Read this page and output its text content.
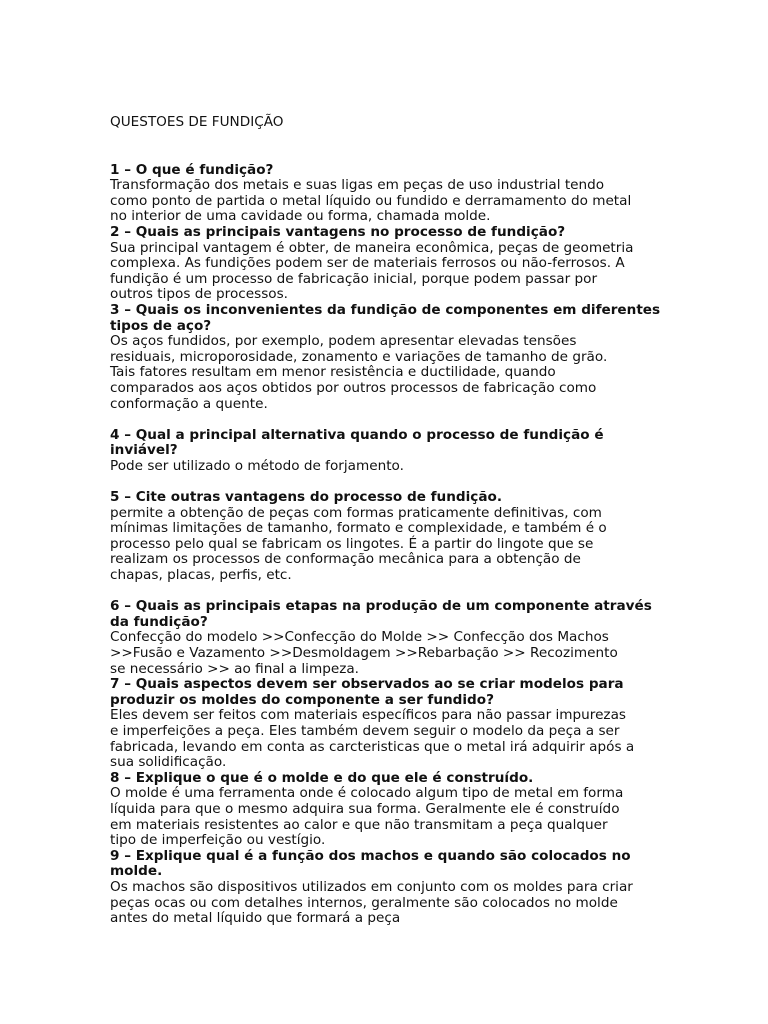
QUESTOES DE FUNDIÇÃO

1 – O que é fundição?

Transformação dos metais e suas ligas em peças de uso industrial tendo
como ponto de partida o metal líquido ou fundido e derramamento do metal
no interior de uma cavidade ou forma, chamada molde.

2 – Quais as principais vantagens no processo de fundição?

Sua principal vantagem é obter, de maneira econômica, peças de geometria
complexa. As fundições podem ser de materiais ferrosos ou não-ferrosos. A
fundição é um processo de fabricação inicial, porque podem passar por
outros tipos de processos.

3 – Quais os inconvenientes da fundição de componentes em diferentes tipos de aço?

Os aços fundidos, por exemplo, podem apresentar elevadas tensões
residuais, microporosidade, zonamento e variações de tamanho de grão.
Tais fatores resultam em menor resistência e ductilidade, quando
comparados aos aços obtidos por outros processos de fabricação como
conformação a quente.

4 – Qual a principal alternativa quando o processo de fundição é inviável?

Pode ser utilizado o método de forjamento.

5 – Cite outras vantagens do processo de fundição.

permite a obtenção de peças com formas praticamente definitivas, com
mínimas limitações de tamanho, formato e complexidade, e também é o
processo pelo qual se fabricam os lingotes. É a partir do lingote que se
realizam os processos de conformação mecânica para a obtenção de
chapas, placas, perfis, etc.

6 – Quais as principais etapas na produção de um componente através da fundição?

Confecção do modelo >>Confecção do Molde >> Confecção dos Machos
>>Fusão e Vazamento >>Desmoldagem >>Rebarbação >> Recozimento
se necessário >> ao final a limpeza.

7 – Quais aspectos devem ser observados ao se criar modelos para produzir os moldes do componente a ser fundido?

Eles devem ser feitos com materiais específicos para não passar impurezas
e imperfeições a peça. Eles também devem seguir o modelo da peça a ser
fabricada, levando em conta as carcteristicas que o metal irá adquirir após a
sua solidificação.

8 – Explique o que é o molde e do que ele é construído.

O molde é uma ferramenta onde é colocado algum tipo de metal em forma
líquida para que o mesmo adquira sua forma. Geralmente ele é construído
em materiais resistentes ao calor e que não transmitam a peça qualquer
tipo de imperfeição ou vestígio.

9 – Explique qual é a função dos machos e quando são colocados no molde.

Os machos são dispositivos utilizados em conjunto com os moldes para criar
peças ocas ou com detalhes internos, geralmente são colocados no molde
antes do metal líquido que formará a peça
